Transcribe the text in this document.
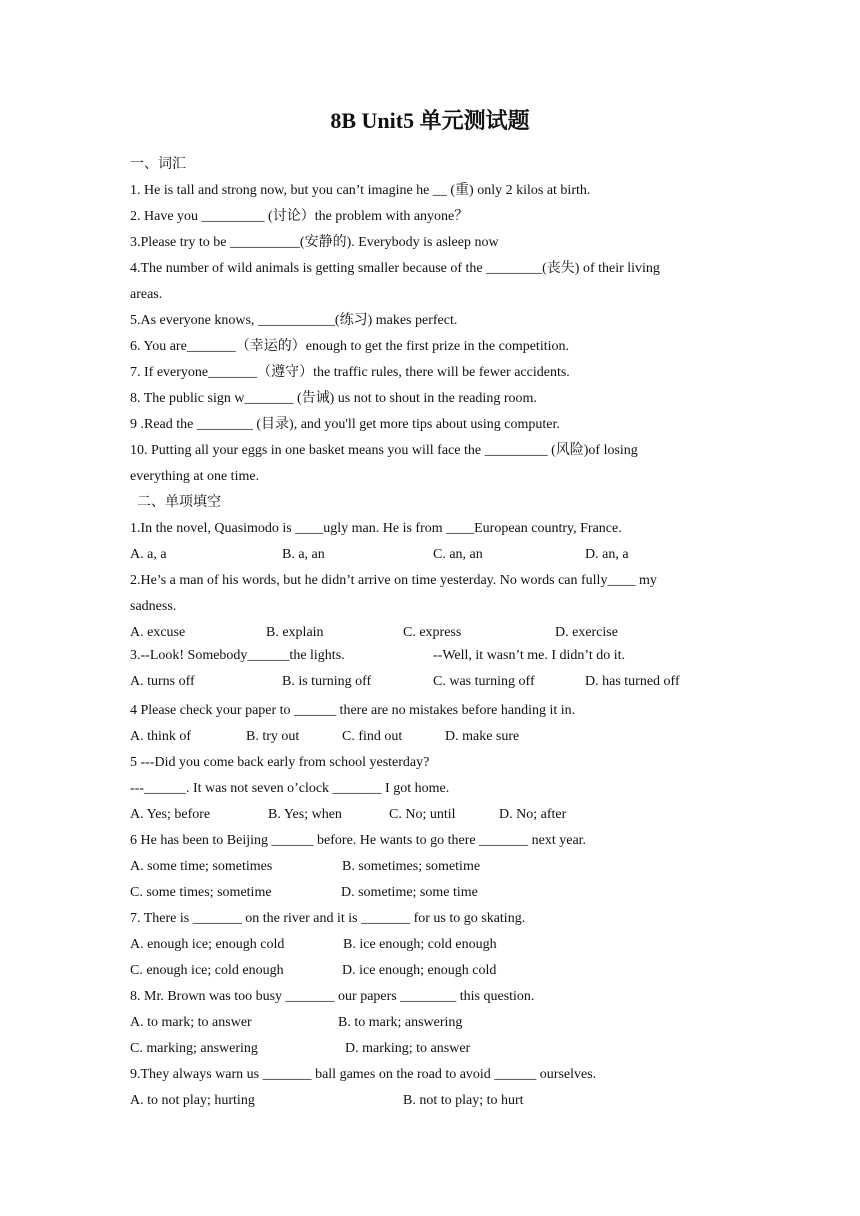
8B Unit5 单元测试题
一、词汇
1. He is tall and strong now, but you can’t imagine he __ (重) only 2 kilos at birth.
2. Have you _________ (讨论）the problem with anyone？
3.Please try to be __________(安静的). Everybody is asleep now
4.The number of wild animals is getting smaller because of the ________(丧失) of their living
areas.
5.As everyone knows, ___________(练习) makes perfect.
6. You are_______（幸运的）enough to get the first prize in the competition.
7. If everyone_______（遵守）the traffic rules, there will be fewer accidents.
8. The public sign w_______ (告诫) us not to shout in the reading room.
9 .Read the ________ (目录), and you'll get more tips about using computer.
10. Putting all your eggs in one basket means you will face the _________ (风险)of losing
everything at one time.
二、单项填空
1.In the novel, Quasimodo is ____ugly man. He is from ____European country, France.
A. a, a	B. a, an	C. an, an	D. an, a
2.He’s a man of his words, but he didn’t arrive on time yesterday. No words can fully____ my
sadness.
A. excuse	B. explain	C. express	D. exercise
3.--Look! Somebody______the lights.	--Well, it wasn’t me. I didn’t do it.
A. turns off	B. is turning off	C. was turning off	D. has turned off
4 Please check your paper to ______ there are no mistakes before handing it in.
A. think of	B. try out	C. find out	D. make sure
5 ---Did you come back early from school yesterday?
---______. It was not seven o’clock _______ I got home.
A. Yes; before	B. Yes; when	C. No; until	D. No; after
6 He has been to Beijing ______ before. He wants to go there _______ next year.
A. some time; sometimes	B. sometimes; sometime
C. some times; sometime	D. sometime; some time
7. There is _______ on the river and it is _______ for us to go skating.
A. enough ice; enough cold	B. ice enough; cold enough
C. enough ice; cold enough	D. ice enough; enough cold
8. Mr. Brown was too busy _______ our papers ________ this question.
A. to mark; to answer	B. to mark; answering
C. marking; answering	D. marking; to answer
9.They always warn us _______ ball games on the road to avoid ______ ourselves.
A. to not play; hurting	B. not to play; to hurt
